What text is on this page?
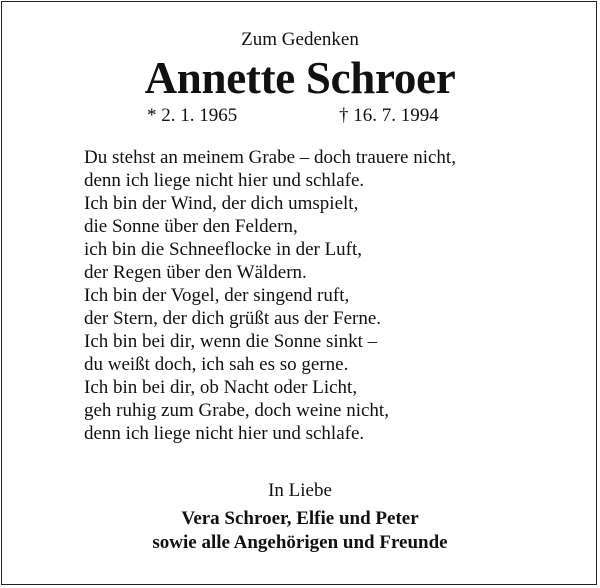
Zum Gedenken
Annette Schroer
* 2. 1. 1965	† 16. 7. 1994
Du stehst an meinem Grabe – doch trauere nicht,
denn ich liege nicht hier und schlafe.
Ich bin der Wind, der dich umspielt,
die Sonne über den Feldern,
ich bin die Schneeflocke in der Luft,
der Regen über den Wäldern.
Ich bin der Vogel, der singend ruft,
der Stern, der dich grüßt aus der Ferne.
Ich bin bei dir, wenn die Sonne sinkt –
du weißt doch, ich sah es so gerne.
Ich bin bei dir, ob Nacht oder Licht,
geh ruhig zum Grabe, doch weine nicht,
denn ich liege nicht hier und schlafe.
In Liebe
Vera Schroer, Elfie und Peter
sowie alle Angehörigen und Freunde
